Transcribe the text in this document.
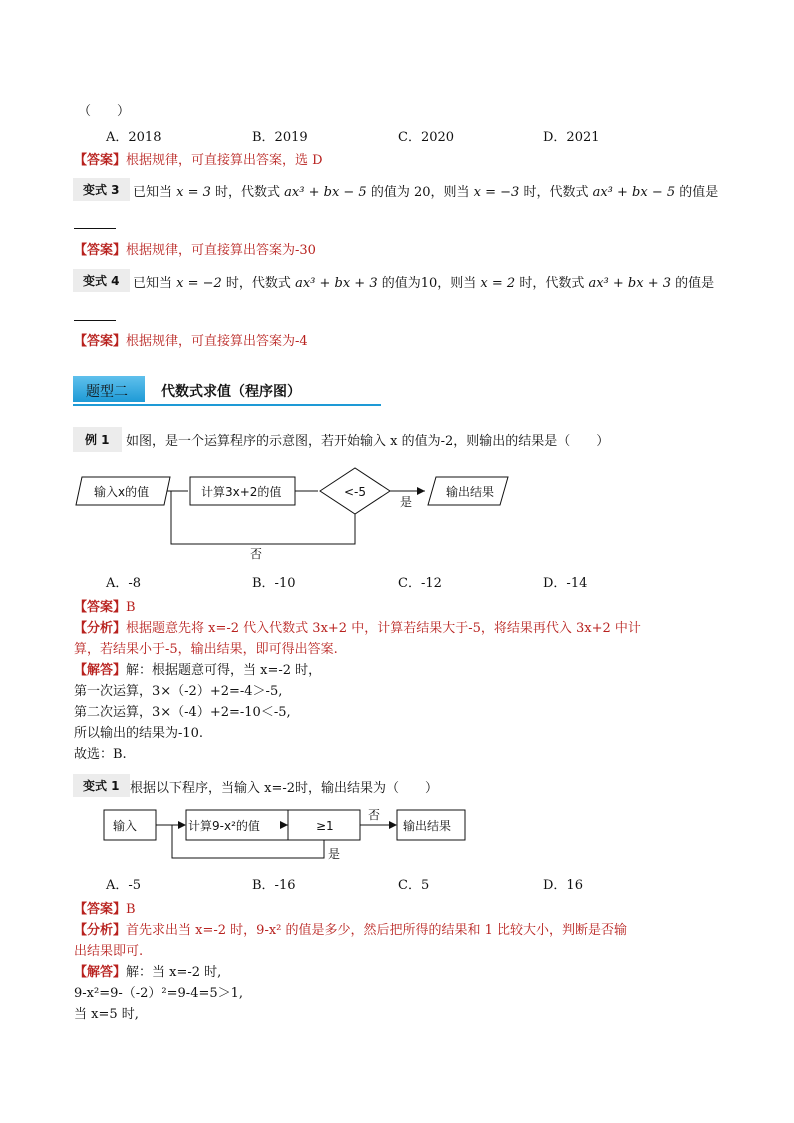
（　　）
A．2018	B．2019	C．2020	D．2021
【答案】根据规律，可直接算出答案，选 D
变式 3	已知当 x = 3 时，代数式 ax³ + bx − 5 的值为 20，则当 x = −3 时，代数式 ax³ + bx − 5 的值是
【答案】根据规律，可直接算出答案为-30
变式 4	已知当 x = −2 时，代数式 ax³ + bx + 3 的值为10，则当 x = 2 时，代数式 ax³ + bx + 3 的值是
【答案】根据规律，可直接算出答案为-4
题型二 代数式求值（程序图）
例 1	如图，是一个运算程序的示意图，若开始输入 x 的值为-2，则输出的结果是（　　）
输入x的值	计算3x+2的值	<-5
是
输出结果
否
A．-8	B．-10	C．-12	D．-14
【答案】B
【分析】根据题意先将 x=-2 代入代数式 3x+2 中，计算若结果大于-5，将结果再代入 3x+2 中计
算，若结果小于-5，输出结果，即可得出答案.
【解答】解：根据题意可得，当 x=-2 时，
第一次运算，3×（-2）+2=-4＞-5,
第二次运算，3×（-4）+2=-10＜-5,
所以输出的结果为-10.
故选：B.
变式 1 根据以下程序，当输入 x=-2时，输出结果为（　　）
输入	计算9-x²的值	≥1
否
输出结果
是
A．-5	B．-16	C．5	D．16
【答案】B
【分析】首先求出当 x=-2 时，9-x² 的值是多少，然后把所得的结果和 1 比较大小，判断是否输
出结果即可.
【解答】解：当 x=-2 时,
9-x²=9-（-2）²=9-4=5＞1,
当 x=5 时,
